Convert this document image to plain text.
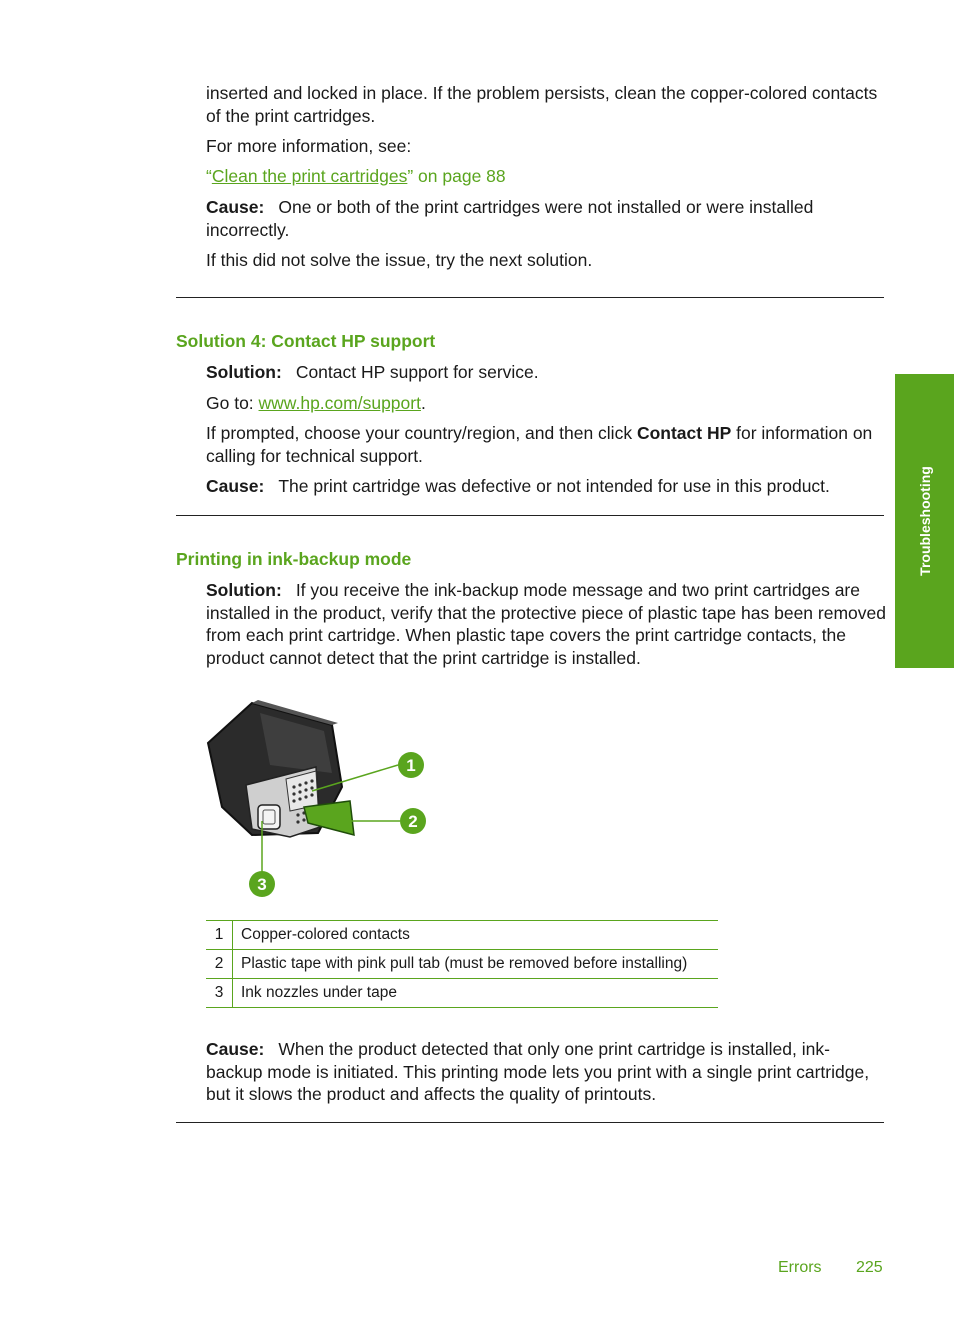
inserted and locked in place. If the problem persists, clean the copper-colored contacts of the print cartridges.

For more information, see:

“Clean the print cartridges” on page 88

Cause: One or both of the print cartridges were not installed or were installed incorrectly.

If this did not solve the issue, try the next solution.

Solution 4: Contact HP support

Solution: Contact HP support for service.

Go to: www.hp.com/support.

If prompted, choose your country/region, and then click Contact HP for information on calling for technical support.

Cause: The print cartridge was defective or not intended for use in this product.

Printing in ink-backup mode

Solution: If you receive the ink-backup mode message and two print cartridges are installed in the product, verify that the protective piece of plastic tape has been removed from each print cartridge. When plastic tape covers the print cartridge contacts, the product cannot detect that the print cartridge is installed.

1
2
3
1	Copper-colored contacts
2	Plastic tape with pink pull tab (must be removed before installing)
3	Ink nozzles under tape

Cause: When the product detected that only one print cartridge is installed, ink-backup mode is initiated. This printing mode lets you print with a single print cartridge, but it slows the product and affects the quality of printouts.

Troubleshooting
Errors 225
